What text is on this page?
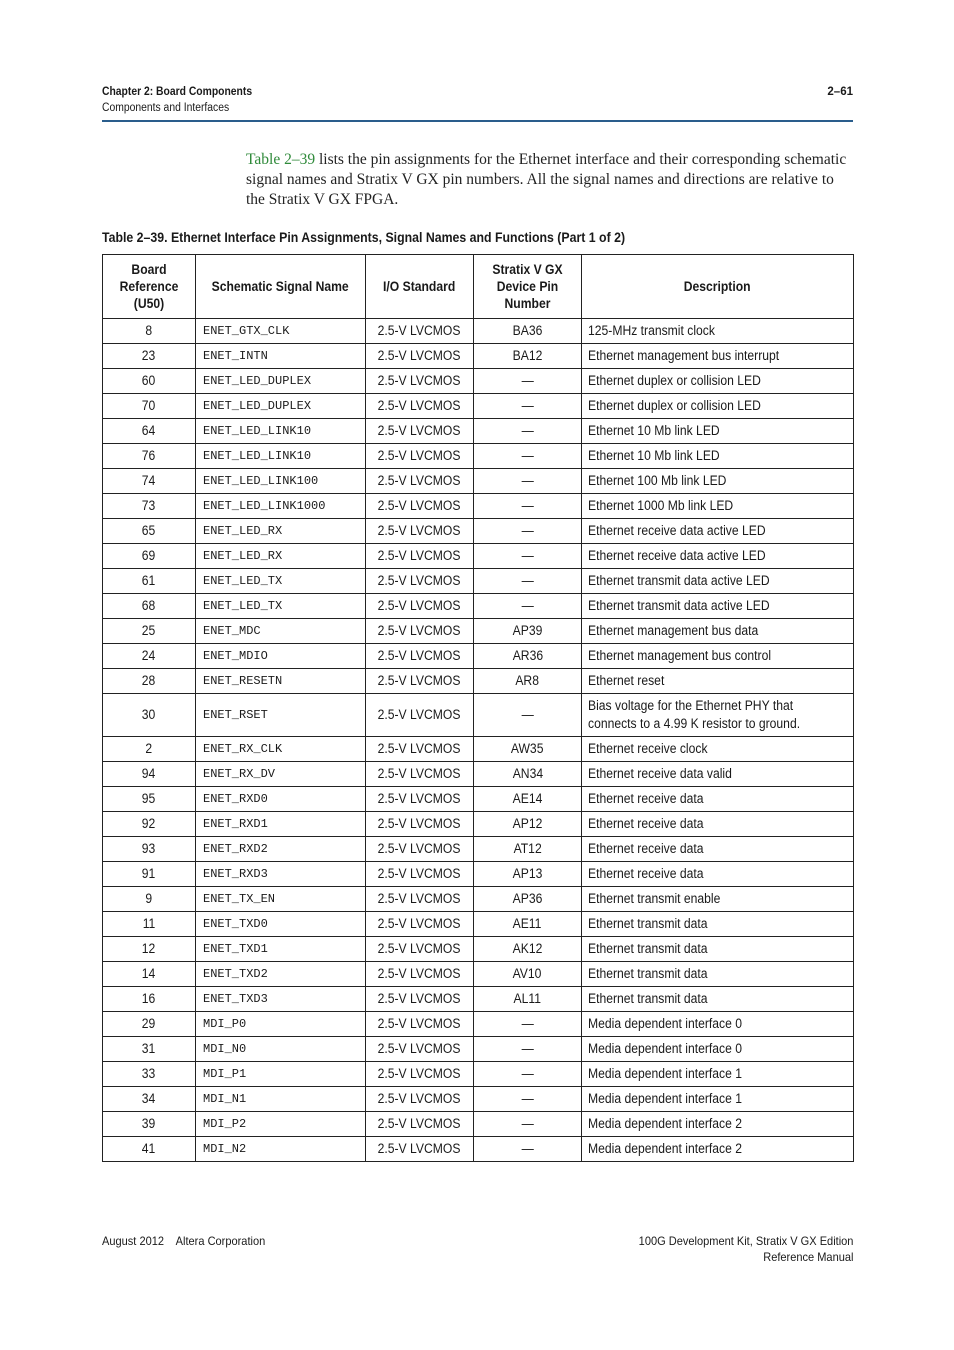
Chapter 2: Board Components
Components and Interfaces
2–61
Table 2–39 lists the pin assignments for the Ethernet interface and their corresponding schematic signal names and Stratix V GX pin numbers. All the signal names and directions are relative to the Stratix V GX FPGA.
Table 2–39. Ethernet Interface Pin Assignments, Signal Names and Functions (Part 1 of 2)
Board Reference (U50)	Schematic Signal Name	I/O Standard	Stratix V GX Device Pin Number	Description
8	ENET_GTX_CLK	2.5-V LVCMOS	BA36	125-MHz transmit clock
23	ENET_INTN	2.5-V LVCMOS	BA12	Ethernet management bus interrupt
60	ENET_LED_DUPLEX	2.5-V LVCMOS	—	Ethernet duplex or collision LED
70	ENET_LED_DUPLEX	2.5-V LVCMOS	—	Ethernet duplex or collision LED
64	ENET_LED_LINK10	2.5-V LVCMOS	—	Ethernet 10 Mb link LED
76	ENET_LED_LINK10	2.5-V LVCMOS	—	Ethernet 10 Mb link LED
74	ENET_LED_LINK100	2.5-V LVCMOS	—	Ethernet 100 Mb link LED
73	ENET_LED_LINK1000	2.5-V LVCMOS	—	Ethernet 1000 Mb link LED
65	ENET_LED_RX	2.5-V LVCMOS	—	Ethernet receive data active LED
69	ENET_LED_RX	2.5-V LVCMOS	—	Ethernet receive data active LED
61	ENET_LED_TX	2.5-V LVCMOS	—	Ethernet transmit data active LED
68	ENET_LED_TX	2.5-V LVCMOS	—	Ethernet transmit data active LED
25	ENET_MDC	2.5-V LVCMOS	AP39	Ethernet management bus data
24	ENET_MDIO	2.5-V LVCMOS	AR36	Ethernet management bus control
28	ENET_RESETN	2.5-V LVCMOS	AR8	Ethernet reset
30	ENET_RSET	2.5-V LVCMOS	—	Bias voltage for the Ethernet PHY that connects to a 4.99 K resistor to ground.
2	ENET_RX_CLK	2.5-V LVCMOS	AW35	Ethernet receive clock
94	ENET_RX_DV	2.5-V LVCMOS	AN34	Ethernet receive data valid
95	ENET_RXD0	2.5-V LVCMOS	AE14	Ethernet receive data
92	ENET_RXD1	2.5-V LVCMOS	AP12	Ethernet receive data
93	ENET_RXD2	2.5-V LVCMOS	AT12	Ethernet receive data
91	ENET_RXD3	2.5-V LVCMOS	AP13	Ethernet receive data
9	ENET_TX_EN	2.5-V LVCMOS	AP36	Ethernet transmit enable
11	ENET_TXD0	2.5-V LVCMOS	AE11	Ethernet transmit data
12	ENET_TXD1	2.5-V LVCMOS	AK12	Ethernet transmit data
14	ENET_TXD2	2.5-V LVCMOS	AV10	Ethernet transmit data
16	ENET_TXD3	2.5-V LVCMOS	AL11	Ethernet transmit data
29	MDI_P0	2.5-V LVCMOS	—	Media dependent interface 0
31	MDI_N0	2.5-V LVCMOS	—	Media dependent interface 0
33	MDI_P1	2.5-V LVCMOS	—	Media dependent interface 1
34	MDI_N1	2.5-V LVCMOS	—	Media dependent interface 1
39	MDI_P2	2.5-V LVCMOS	—	Media dependent interface 2
41	MDI_N2	2.5-V LVCMOS	—	Media dependent interface 2
August 2012    Altera Corporation	100G Development Kit, Stratix V GX Edition
Reference Manual
